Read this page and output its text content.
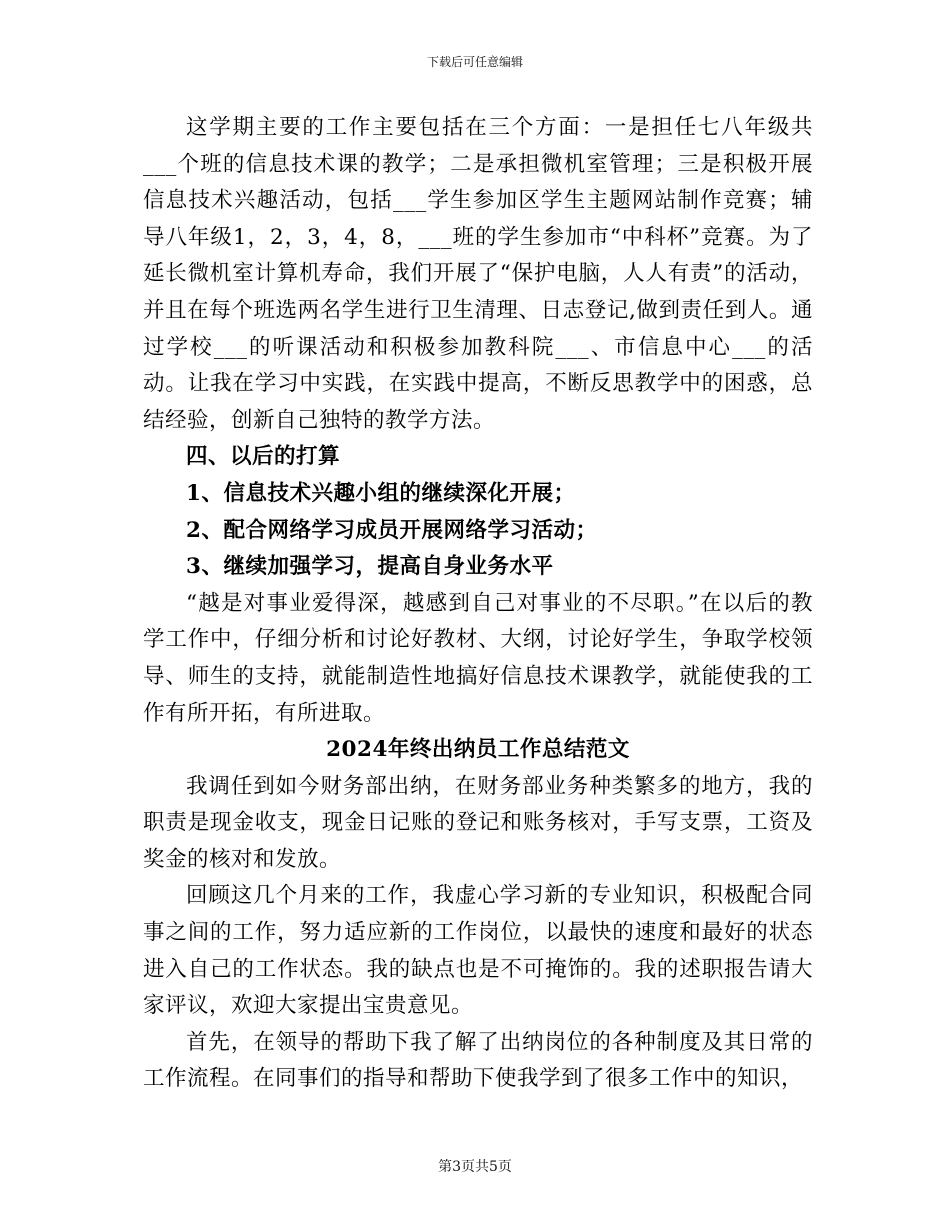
下载后可任意编辑

这学期主要的工作主要包括在三个方面：一是担任七八年级共___个班的信息技术课的教学；二是承担微机室管理；三是积极开展信息技术兴趣活动，包括___学生参加区学生主题网站制作竞赛；辅导八年级1，2，3，4，8，___班的学生参加市“中科杯”竞赛。为了延长微机室计算机寿命，我们开展了“保护电脑，人人有责”的活动，并且在每个班选两名学生进行卫生清理、日志登记,做到责任到人。通过学校___的听课活动和积极参加教科院___、市信息中心___的活动。让我在学习中实践，在实践中提高，不断反思教学中的困惑，总结经验，创新自己独特的教学方法。

四、以后的打算

1、信息技术兴趣小组的继续深化开展；

2、配合网络学习成员开展网络学习活动；

3、继续加强学习，提高自身业务水平

“越是对事业爱得深，越感到自己对事业的不尽职。”在以后的教学工作中，仔细分析和讨论好教材、大纲，讨论好学生，争取学校领导、师生的支持，就能制造性地搞好信息技术课教学，就能使我的工作有所开拓，有所进取。

2024年终出纳员工作总结范文

我调任到如今财务部出纳，在财务部业务种类繁多的地方，我的职责是现金收支，现金日记账的登记和账务核对，手写支票，工资及奖金的核对和发放。

回顾这几个月来的工作，我虚心学习新的专业知识，积极配合同事之间的工作，努力适应新的工作岗位，以最快的速度和最好的状态进入自己的工作状态。我的缺点也是不可掩饰的。我的述职报告请大家评议，欢迎大家提出宝贵意见。

首先，在领导的帮助下我了解了出纳岗位的各种制度及其日常的工作流程。在同事们的指导和帮助下使我学到了很多工作中的知识，

第3页共5页
